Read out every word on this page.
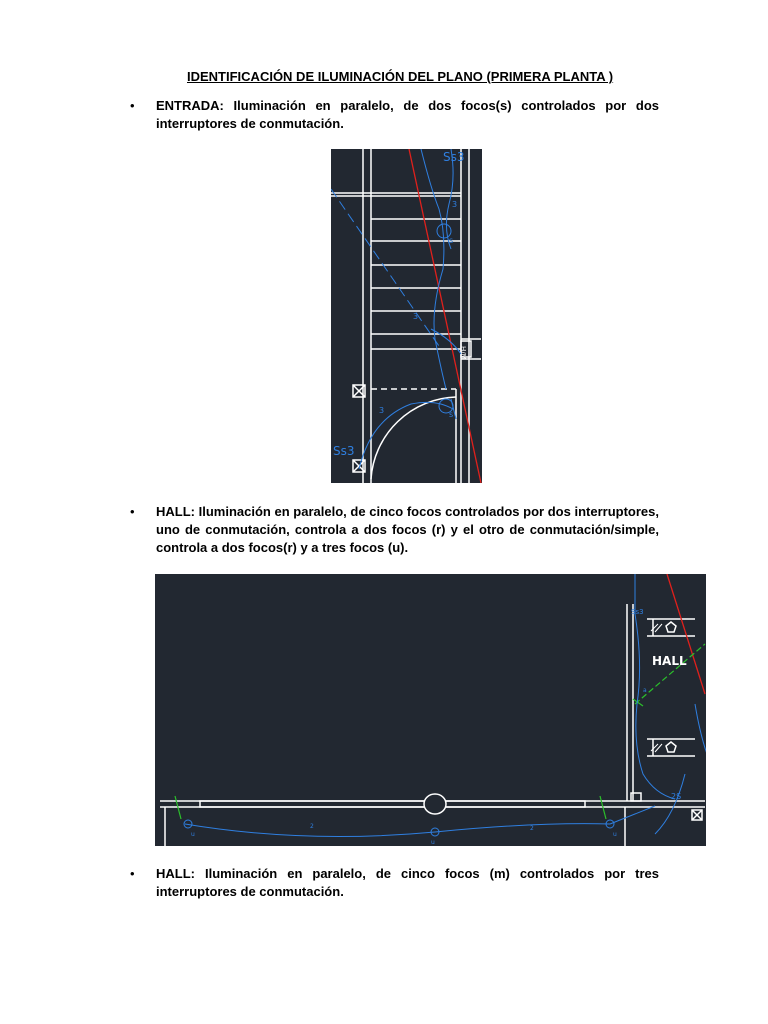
IDENTIFICACIÓN DE ILUMINACIÓN DEL PLANO (PRIMERA PLANTA )
• ENTRADA: Iluminación en paralelo, de dos focos(s) controlados por dos interruptores de conmutación.

Ss3
Ss3
3
3
3
s
s
H/M
• HALL: Iluminación en paralelo, de cinco focos controlados por dos interruptores, uno de conmutación, controla a dos focos (r) y el otro de conmutación/simple, controla a dos focos(r) y a tres focos (u).

Ss3
2S
u
u
u
2	2
a
HALL
• HALL: Iluminación en paralelo, de cinco focos (m) controlados por tres interruptores de conmutación.
